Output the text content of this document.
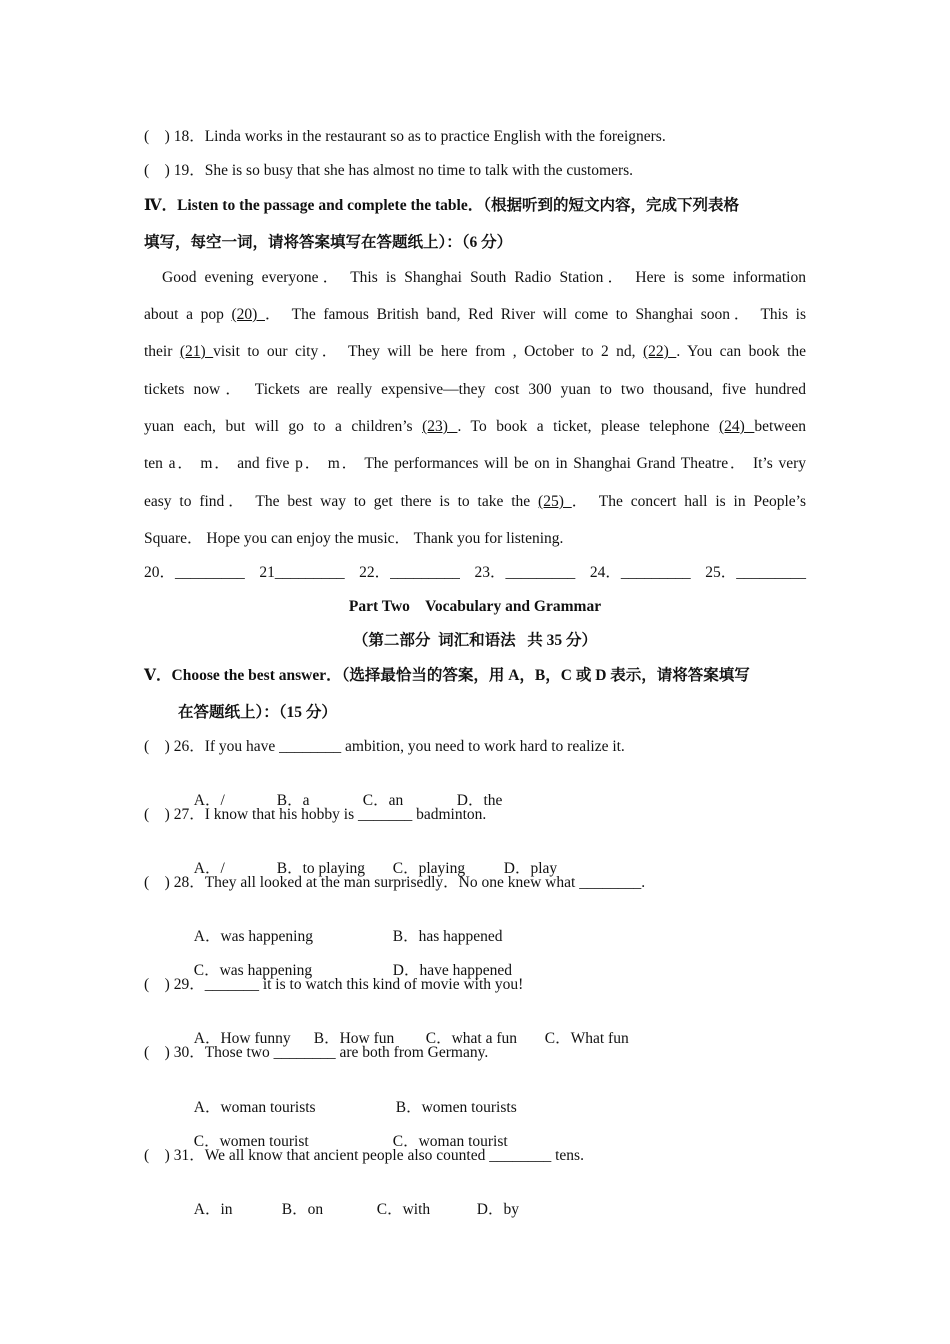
(    ) 18．Linda works in the restaurant so as to practice English with the foreigners.
(    ) 19．She is so busy that she has almost no time to talk with the customers.
Ⅳ．Listen to the passage and complete the table．（根据听到的短文内容，完成下列表格
填写，每空一词，请将答案填写在答题纸上）：（6 分）
Good evening everyone． This is Shanghai South Radio Station． Here is some information
about a pop (20) ． The famous British band, Red River will come to Shanghai soon． This is
their (21) visit to our city． They will be here from , October to 2 nd, (22) . You can book the
tickets now． Tickets are really expensive—they cost 300 yuan to two thousand, five hundred
yuan each, but will go to a children’s (23) . To book a ticket, please telephone (24) between
ten a． m． and five p． m． The performances will be on in Shanghai Grand Theatre． It’s very
easy to find． The best way to get there is to take the (25) ． The concert hall is in People’s
Square． Hope you can enjoy the music． Thank you for listening.
20．_________ 21_________ 22．_________ 23．_________ 24．_________ 25．_________
Part Two    Vocabulary and Grammar
（第二部分  词汇和语法   共 35 分）
Ⅴ．Choose the best answer．（选择最恰当的答案，用 A，B，C 或 D 表示，请将答案填写
在答题纸上）：（15 分）
(    ) 26．If you have ________ ambition, you need to work hard to realize it.

A．/	B．a	C．an	D．the

(    ) 27．I know that his hobby is _______ badminton.

A．/	B．to playing C．playing D．play

(    ) 28．They all looked at the man surprisedly．No one knew what ________.

A．was happening	B．has happened

C．was happening	D．have happened

(    ) 29．_______ it is to watch this kind of movie with you!

A．How funny B．How fun C．what a fun C．What fun

(    ) 30．Those two ________ are both from Germany.

A．woman tourists	B．women tourists

C．women tourist	C．woman tourist

(    ) 31．We all know that ancient people also counted ________ tens.

A．in	B．on	C．with	D．by
